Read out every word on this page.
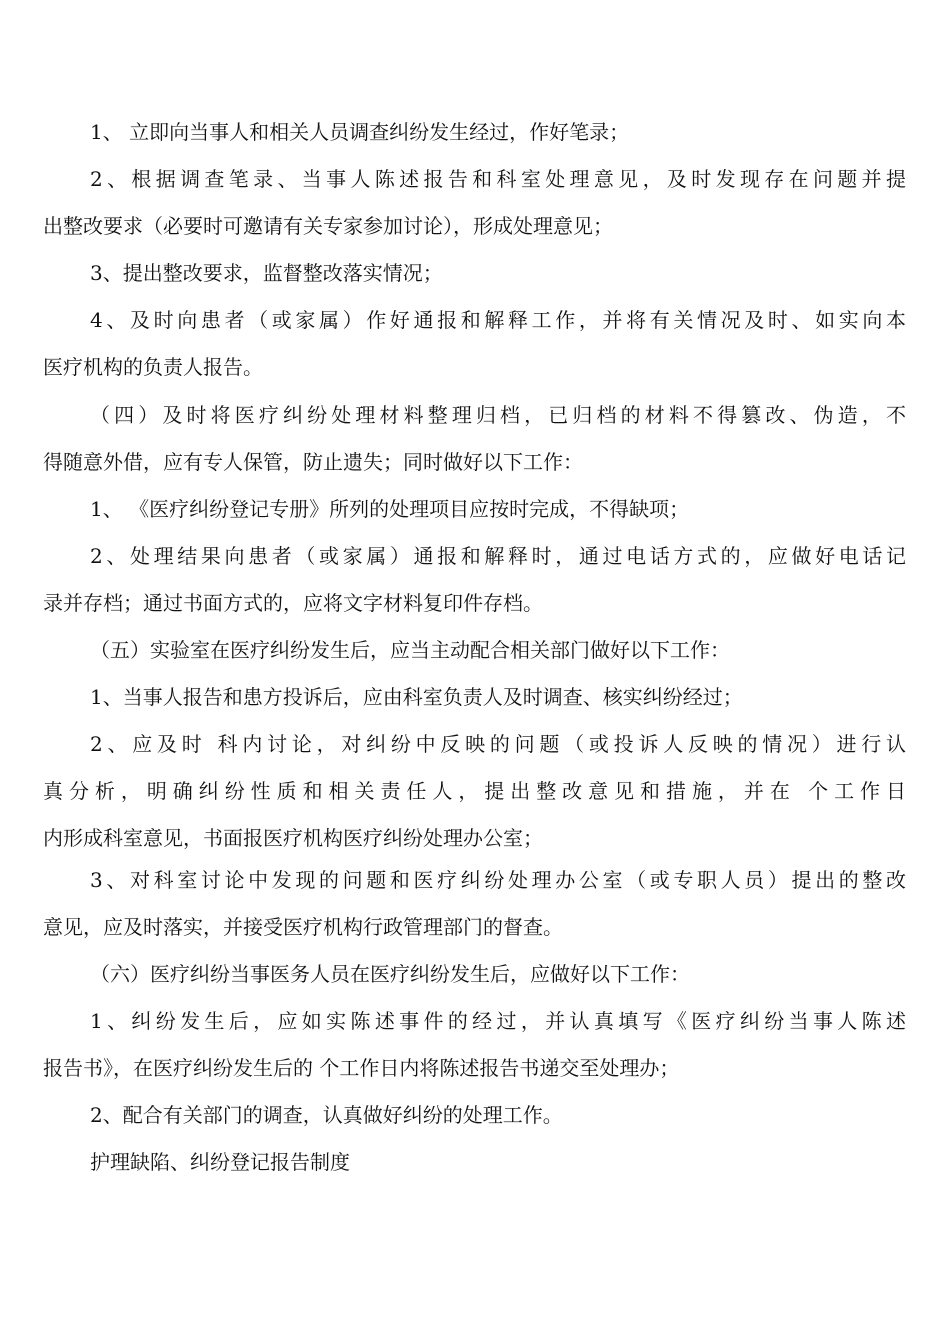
1、 立即向当事人和相关人员调查纠纷发生经过，作好笔录；
2、根据调查笔录、当事人陈述报告和科室处理意见，及时发现存在问题并提
出整改要求（必要时可邀请有关专家参加讨论），形成处理意见；
3、提出整改要求，监督整改落实情况；
4、及时向患者（或家属）作好通报和解释工作，并将有关情况及时、如实向本
医疗机构的负责人报告。
（四）及时将医疗纠纷处理材料整理归档，已归档的材料不得篡改、伪造，不
得随意外借，应有专人保管，防止遗失；同时做好以下工作：
1、 《医疗纠纷登记专册》所列的处理项目应按时完成，不得缺项；
2、处理结果向患者（或家属）通报和解释时，通过电话方式的，应做好电话记
录并存档；通过书面方式的，应将文字材料复印件存档。
（五）实验室在医疗纠纷发生后，应当主动配合相关部门做好以下工作：
1、当事人报告和患方投诉后，应由科室负责人及时调查、核实纠纷经过；
2、应及时 科内讨论，对纠纷中反映的问题（或投诉人反映的情况）进行认
真分析，明确纠纷性质和相关责任人，提出整改意见和措施，并在 个工作日
内形成科室意见，书面报医疗机构医疗纠纷处理办公室；
3、对科室讨论中发现的问题和医疗纠纷处理办公室（或专职人员）提出的整改
意见，应及时落实，并接受医疗机构行政管理部门的督查。
（六）医疗纠纷当事医务人员在医疗纠纷发生后，应做好以下工作：
1、纠纷发生后，应如实陈述事件的经过，并认真填写《医疗纠纷当事人陈述
报告书》，在医疗纠纷发生后的 个工作日内将陈述报告书递交至处理办；
2、配合有关部门的调查，认真做好纠纷的处理工作。
护理缺陷、纠纷登记报告制度
